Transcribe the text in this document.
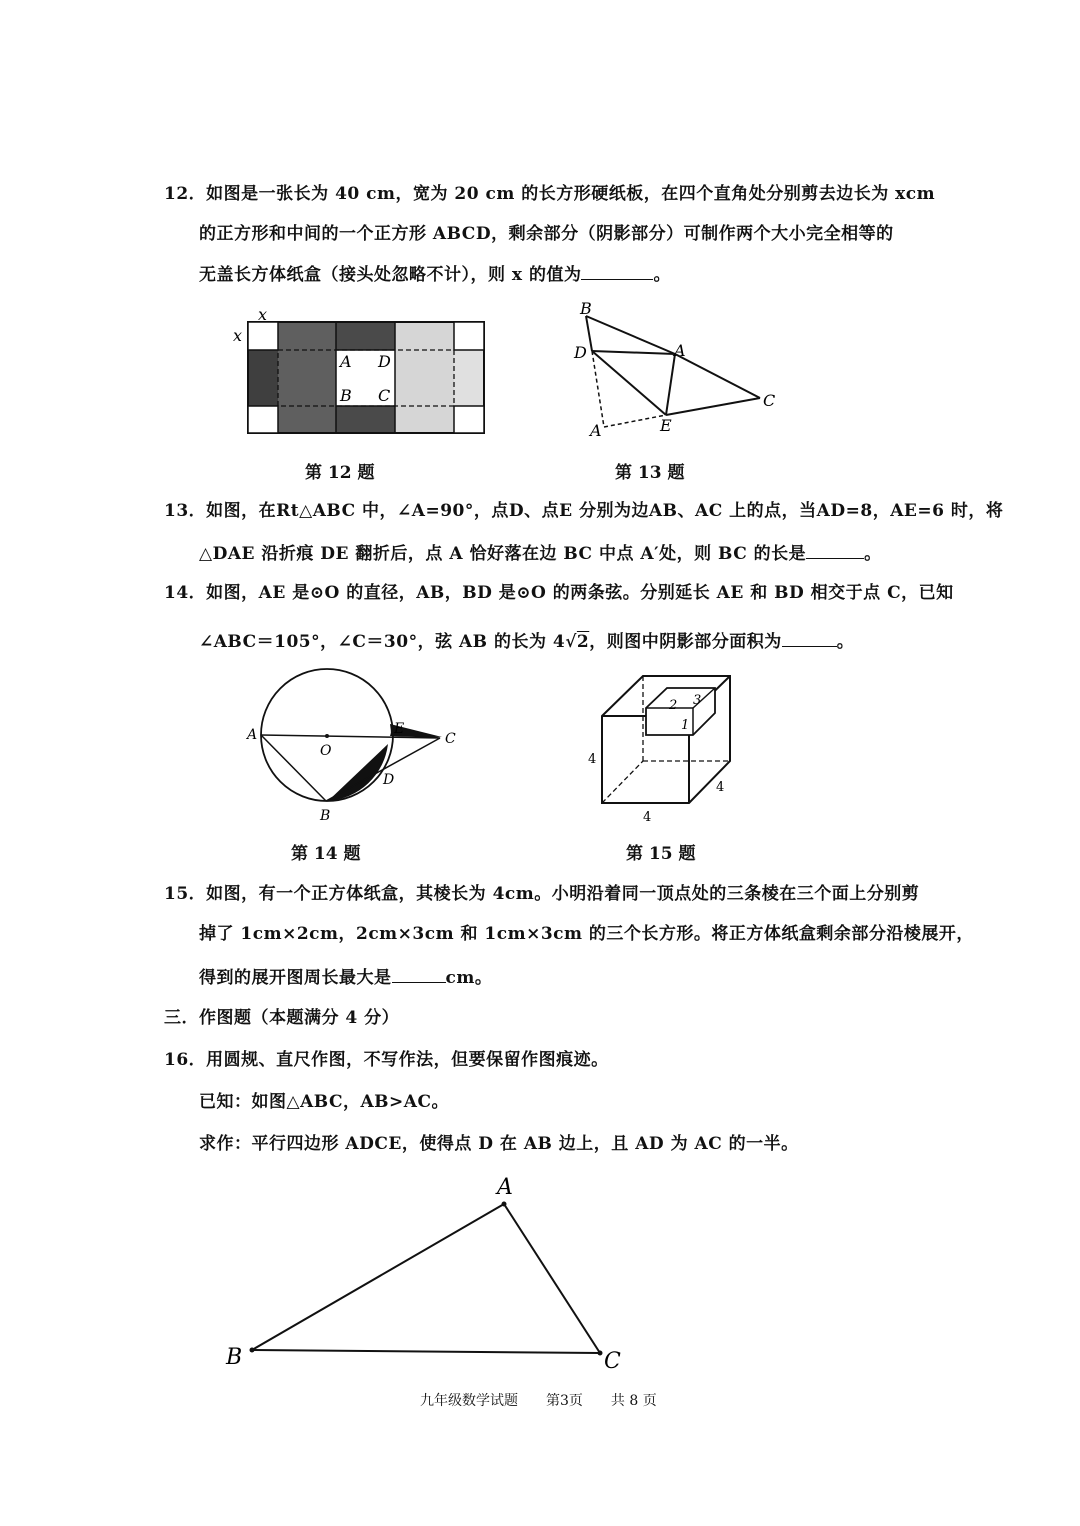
12．如图是一张长为 40 cm，宽为 20 cm 的长方形硬纸板，在四个直角处分别剪去边长为 xcm
的正方形和中间的一个正方形 ABCD，剩余部分（阴影部分）可制作两个大小完全相等的
无盖长方体纸盒（接头处忽略不计），则 x 的值为	。
x
x
A D
B C
第 12 题
B
D	A
C
A	E
第 13 题
13．如图，在Rt△ABC 中，∠A=90°，点D、点E 分别为边AB、AC 上的点，当AD=8，AE=6 时，将
△DAE 沿折痕 DE 翻折后，点 A 恰好落在边 BC 中点 A′处，则 BC 的长是	。
14．如图，AE 是⊙O 的直径，AB，BD 是⊙O 的两条弦。分别延长 AE 和 BD 相交于点 C，已知
∠ABC＝105°，∠C＝30°，弦 AB 的长为 4√2，则图中阴影部分面积为	。
A
O
E
C
D
B
第 14 题
2 3
1
4
4
4
第 15 题
15．如图，有一个正方体纸盒，其棱长为 4cm。小明沿着同一顶点处的三条棱在三个面上分别剪
掉了 1cm×2cm，2cm×3cm 和 1cm×3cm 的三个长方形。将正方体纸盒剩余部分沿棱展开，
得到的展开图周长最大是	cm。
三．作图题（本题满分 4 分）
16．用圆规、直尺作图，不写作法，但要保留作图痕迹。
已知：如图△ABC，AB>AC。
求作：平行四边形 ADCE，使得点 D 在 AB 边上，且 AD 为 AC 的一半。
A
B	C
九年级数学试题 第3页 共 8 页
